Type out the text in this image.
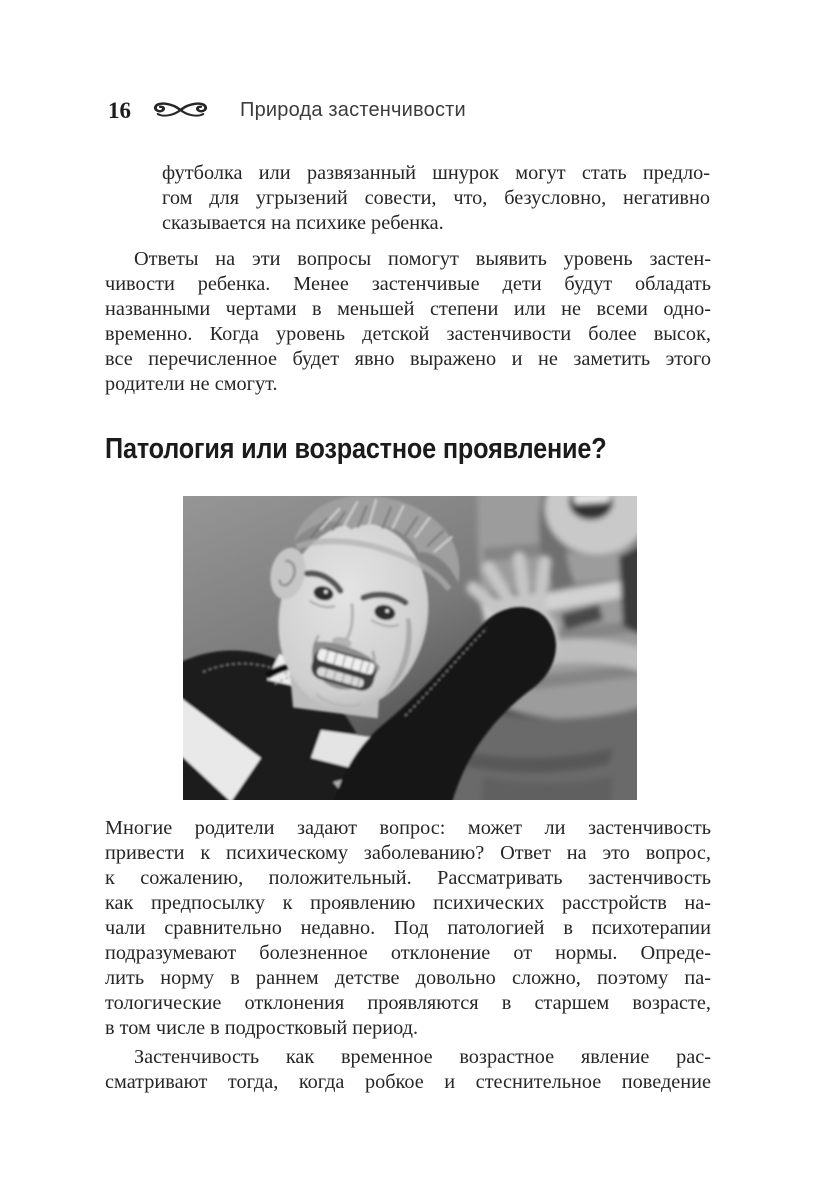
16	Природа застенчивости
футболка или развязанный шнурок могут стать предло-
гом для угрызений совести, что, безусловно, негативно
сказывается на психике ребенка.
Ответы на эти вопросы помогут выявить уровень застен-
чивости ребенка. Менее застенчивые дети будут обладать
названными чертами в меньшей степени или не всеми одно-
временно. Когда уровень детской застенчивости более высок,
все перечисленное будет явно выражено и не заметить этого
родители не смогут.
Патология или возрастное проявление?
Многие родители задают вопрос: может ли застенчивость
привести к психическому заболеванию? Ответ на это вопрос,
к сожалению, положительный. Рассматривать застенчивость
как предпосылку к проявлению психических расстройств на-
чали сравнительно недавно. Под патологией в психотерапии
подразумевают болезненное отклонение от нормы. Опреде-
лить норму в раннем детстве довольно сложно, поэтому па-
тологические отклонения проявляются в старшем возрасте,
в том числе в подростковый период.
Застенчивость как временное возрастное явление рас-
сматривают тогда, когда робкое и стеснительное поведение
